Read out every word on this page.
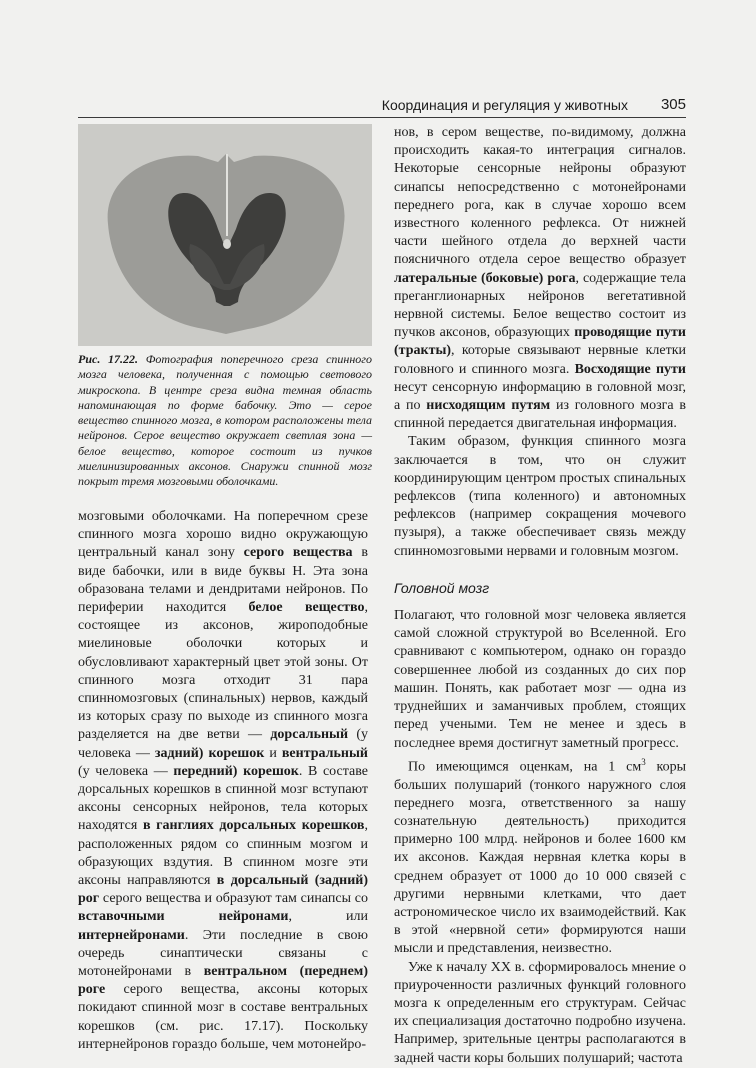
Координация и регуляция у животных 305
Рис. 17.22. Фотография поперечного среза спинного мозга человека, полученная с помощью светового микроскопа. В центре среза видна темная область напоминающая по форме бабочку. Это — серое вещество спинного мозга, в котором расположены тела нейронов. Серое вещество окружает светлая зона — белое вещество, которое состоит из пучков миелинизированных аксонов. Снаружи спинной мозг покрыт тремя мозговыми оболочками.

мозговыми оболочками. На поперечном срезе спинного мозга хорошо видно окружающую центральный канал зону серого вещества в виде бабочки, или в виде буквы Н. Эта зона образована телами и дендритами нейронов. По периферии находится белое вещество, состоящее из аксонов, жироподобные миелиновые оболочки которых и обусловливают характерный цвет этой зоны. От спинного мозга отходит 31 пара спинномозговых (спинальных) нервов, каждый из которых сразу по выходе из спинного мозга разделяется на две ветви — дорсальный (у человека — задний) корешок и вентральный (у человека — передний) корешок. В составе дорсальных корешков в спинной мозг вступают аксоны сенсорных нейронов, тела которых находятся в ганглиях дорсальных корешков, расположенных рядом со спинным мозгом и образующих вздутия. В спинном мозге эти аксоны направляются в дорсальный (задний) рог серого вещества и образуют там синапсы со вставочными нейронами, или интернейронами. Эти последние в свою очередь синаптически связаны с мотонейронами в вентральном (переднем) роге серого вещества, аксоны которых покидают спинной мозг в составе вентральных корешков (см. рис. 17.17). Поскольку интернейронов гораздо больше, чем мотонейро-

нов, в сером веществе, по-видимому, должна происходить какая-то интеграция сигналов. Некоторые сенсорные нейроны образуют синапсы непосредственно с мотонейронами переднего рога, как в случае хорошо всем известного коленного рефлекса. От нижней части шейного отдела до верхней части поясничного отдела серое вещество образует латеральные (боковые) рога, содержащие тела преганглионарных нейронов вегетативной нервной системы. Белое вещество состоит из пучков аксонов, образующих проводящие пути (тракты), которые связывают нервные клетки головного и спинного мозга. Восходящие пути несут сенсорную информацию в головной мозг, а по нисходящим путям из головного мозга в спинной передается двигательная информация.

Таким образом, функция спинного мозга заключается в том, что он служит координирующим центром простых спинальных рефлексов (типа коленного) и автономных рефлексов (например сокращения мочевого пузыря), а также обеспечивает связь между спинномозговыми нервами и головным мозгом.

Головной мозг

Полагают, что головной мозг человека является самой сложной структурой во Вселенной. Его сравнивают с компьютером, однако он гораздо совершеннее любой из созданных до сих пор машин. Понять, как работает мозг — одна из труднейших и заманчивых проблем, стоящих перед учеными. Тем не менее и здесь в последнее время достигнут заметный прогресс.

По имеющимся оценкам, на 1 $см^3$ коры больших полушарий (тонкого наружного слоя переднего мозга, ответственного за нашу сознательную деятельность) приходится примерно 100 млрд. нейронов и более 1600 км их аксонов. Каждая нервная клетка коры в среднем образует от 1000 до 10 000 связей с другими нервными клетками, что дает астрономическое число их взаимодействий. Как в этой «нервной сети» формируются наши мысли и представления, неизвестно.

Уже к началу XX в. сформировалось мнение о приуроченности различных функций головного мозга к определенным его структурам. Сейчас их специализация достаточно подробно изучена. Например, зрительные центры располагаются в задней части коры больших полушарий; частота
